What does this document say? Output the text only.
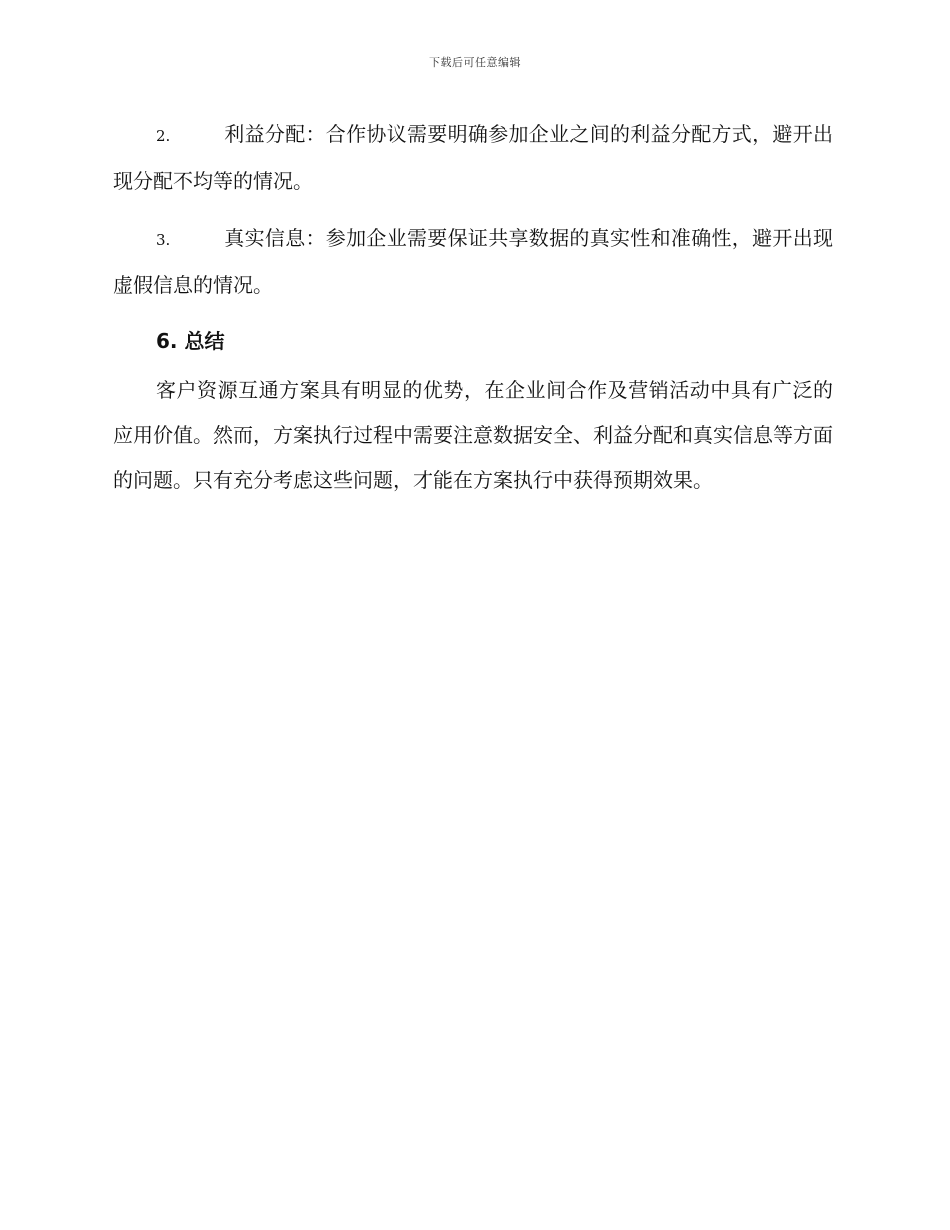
下载后可任意编辑

2.	利益分配：合作协议需要明确参加企业之间的利益分配方式，避开出现分配不均等的情况。

3.	真实信息：参加企业需要保证共享数据的真实性和准确性，避开出现虚假信息的情况。

6. 总结

客户资源互通方案具有明显的优势，在企业间合作及营销活动中具有广泛的应用价值。然而，方案执行过程中需要注意数据安全、利益分配和真实信息等方面的问题。只有充分考虑这些问题，才能在方案执行中获得预期效果。
